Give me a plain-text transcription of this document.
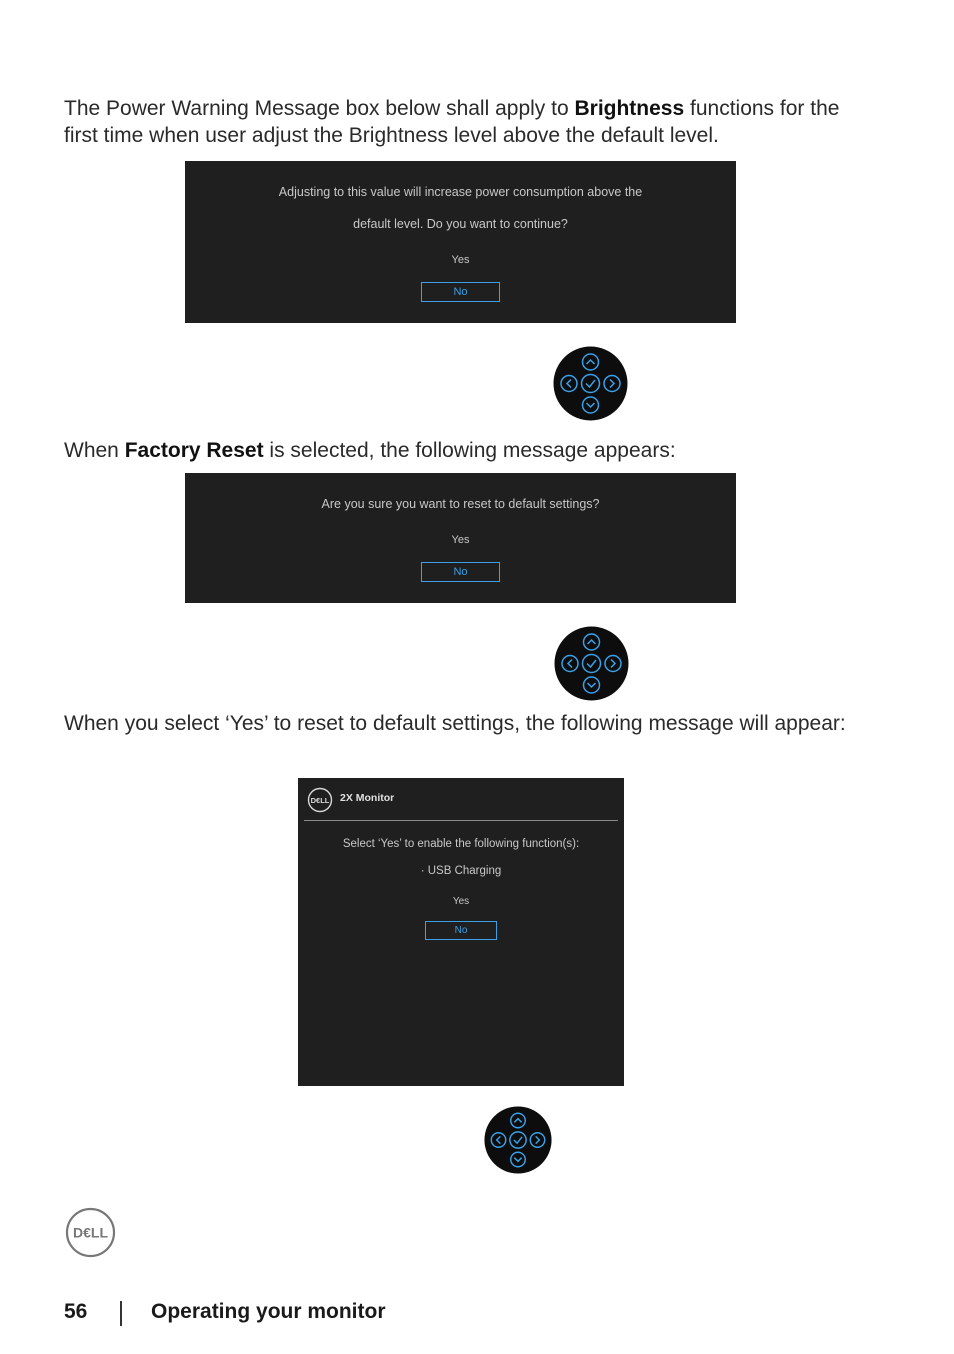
The Power Warning Message box below shall apply to Brightness functions for the first time when user adjust the Brightness level above the default level.

Adjusting to this value will increase power consumption above the
default level. Do you want to continue?
Yes
No

When Factory Reset is selected, the following message appears:

Are you sure you want to reset to default settings?
Yes
No

When you select ‘Yes’ to reset to default settings, the following message will appear:

D€LL 2X Monitor
Select ‘Yes’ to enable the following function(s):
· USB Charging
Yes
No
D€LL
56	Operating your monitor
